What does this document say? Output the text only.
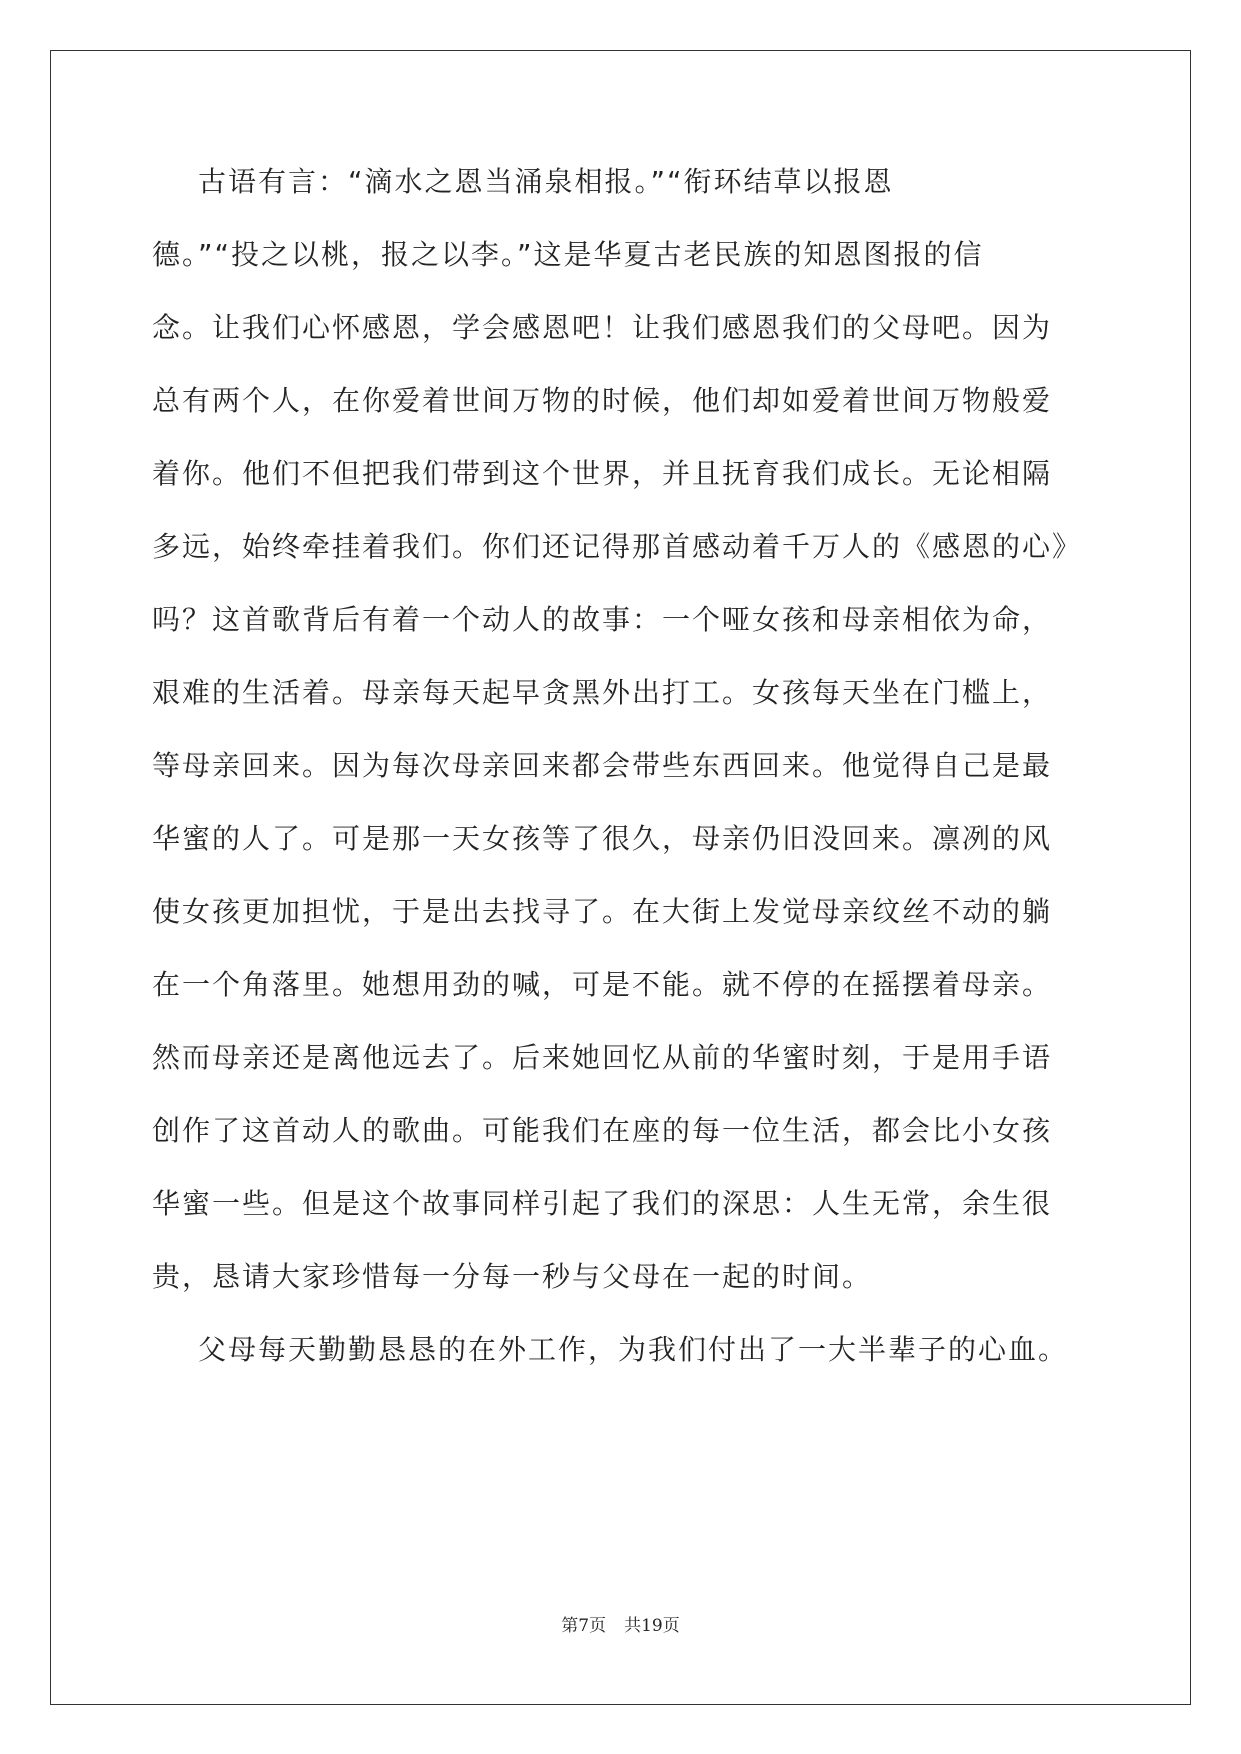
古语有言：“滴水之恩当涌泉相报。”“衔环结草以报恩
德。”“投之以桃，报之以李。”这是华夏古老民族的知恩图报的信
念。让我们心怀感恩，学会感恩吧！让我们感恩我们的父母吧。因为
总有两个人，在你爱着世间万物的时候，他们却如爱着世间万物般爱
着你。他们不但把我们带到这个世界，并且抚育我们成长。无论相隔
多远，始终牵挂着我们。你们还记得那首感动着千万人的《感恩的心》
吗？这首歌背后有着一个动人的故事：一个哑女孩和母亲相依为命，
艰难的生活着。母亲每天起早贪黑外出打工。女孩每天坐在门槛上，
等母亲回来。因为每次母亲回来都会带些东西回来。他觉得自己是最
华蜜的人了。可是那一天女孩等了很久，母亲仍旧没回来。凛冽的风
使女孩更加担忧，于是出去找寻了。在大街上发觉母亲纹丝不动的躺
在一个角落里。她想用劲的喊，可是不能。就不停的在摇摆着母亲。
然而母亲还是离他远去了。后来她回忆从前的华蜜时刻，于是用手语
创作了这首动人的歌曲。可能我们在座的每一位生活，都会比小女孩
华蜜一些。但是这个故事同样引起了我们的深思：人生无常，余生很
贵，恳请大家珍惜每一分每一秒与父母在一起的时间。
父母每天勤勤恳恳的在外工作，为我们付出了一大半辈子的心血。
第7页 共19页
